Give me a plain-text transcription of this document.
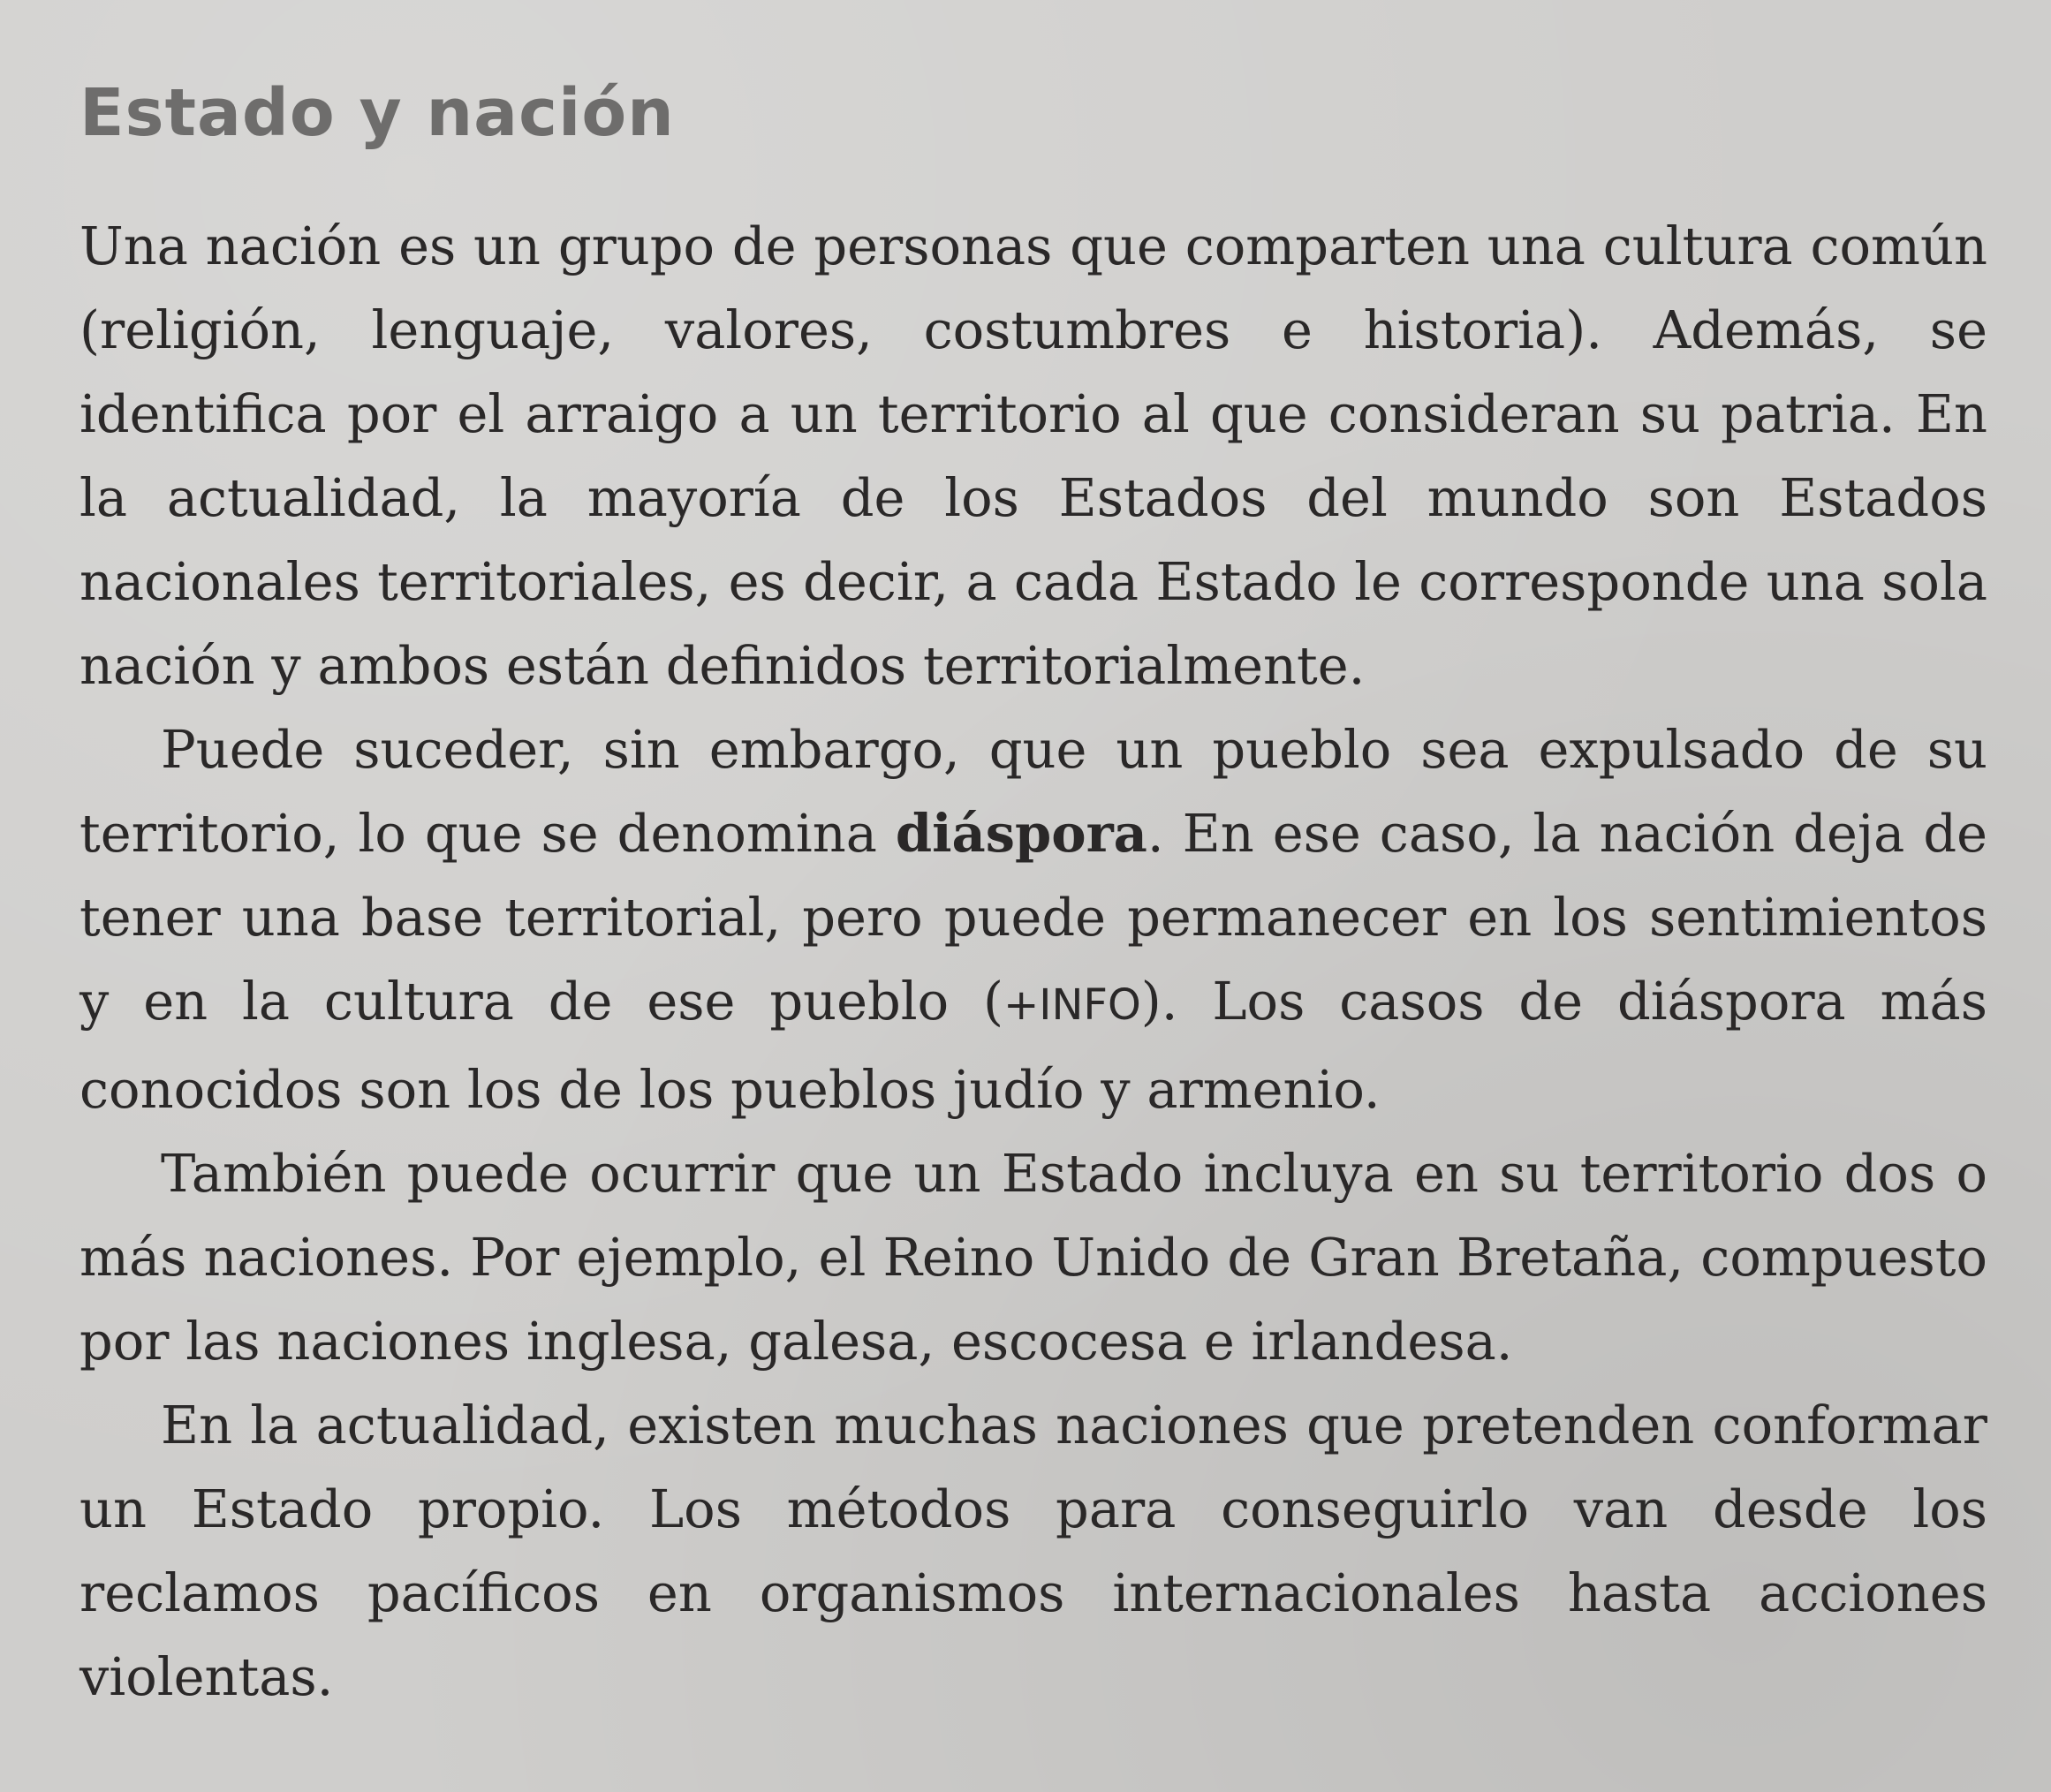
Estado y nación

Una nación es un grupo de personas que comparten una cultura común (religión, lenguaje, valores, costumbres e historia). Además, se identifica por el arraigo a un territorio al que consideran su patria. En la actualidad, la mayoría de los Estados del mundo son Estados nacionales territoriales, es decir, a cada Estado le corresponde una sola nación y ambos están definidos territorialmente.

Puede suceder, sin embargo, que un pueblo sea expulsado de su territorio, lo que se denomina diáspora. En ese caso, la nación deja de tener una base territorial, pero puede permanecer en los sentimientos y en la cultura de ese pueblo (+INFO). Los casos de diáspora más conocidos son los de los pueblos judío y armenio.

También puede ocurrir que un Estado incluya en su territorio dos o más naciones. Por ejemplo, el Reino Unido de Gran Bretaña, compuesto por las naciones inglesa, galesa, escocesa e irlandesa.

En la actualidad, existen muchas naciones que pretenden conformar un Estado propio. Los métodos para conseguirlo van desde los reclamos pacíficos en organismos internacionales hasta acciones violentas.
